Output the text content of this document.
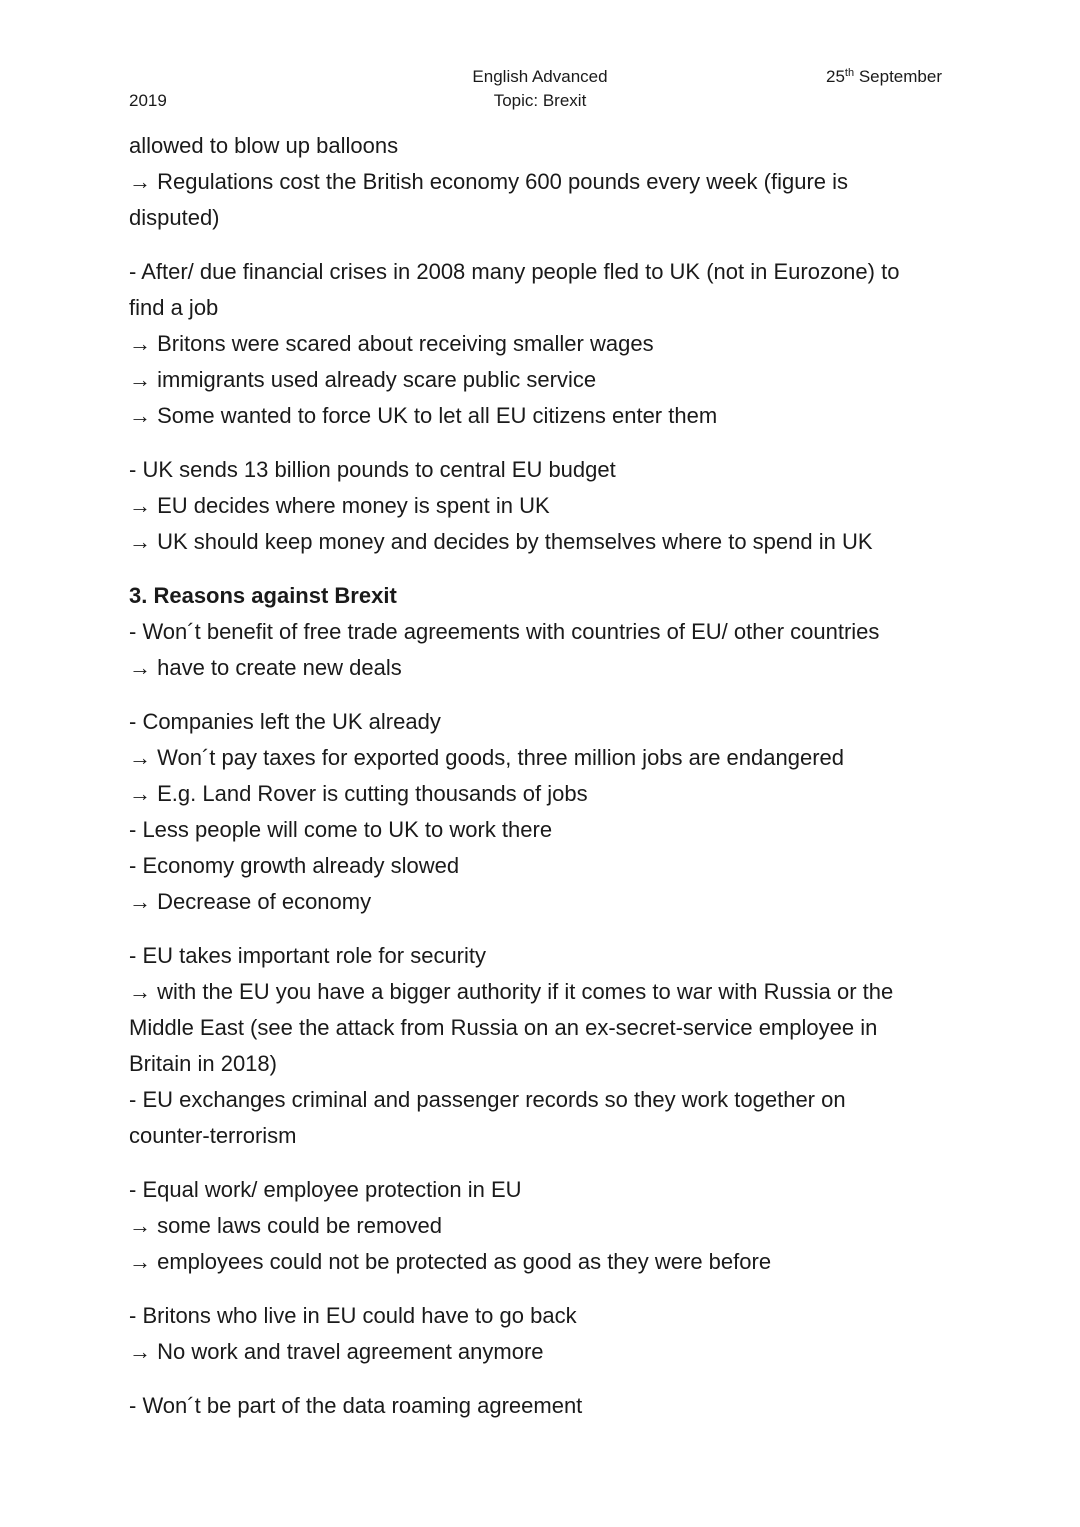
2019
English Advanced
Topic: Brexit
25th September
allowed to blow up balloons
→ Regulations cost the British economy 600 pounds every week (figure is
disputed)
- After/ due financial crises in 2008 many people fled to UK (not in Eurozone) to
find a job
→ Britons were scared about receiving smaller wages
→ immigrants used already scare public service
→ Some wanted to force UK to let all EU citizens enter them
- UK sends 13 billion pounds to central EU budget
→ EU decides where money is spent in UK
→ UK should keep money and decides by themselves where to spend in UK
3. Reasons against Brexit
- Won´t benefit of free trade agreements with countries of EU/ other countries
→ have to create new deals
- Companies left the UK already
→ Won´t pay taxes for exported goods, three million jobs are endangered
→ E.g. Land Rover is cutting thousands of jobs
- Less people will come to UK to work there
- Economy growth already slowed
→ Decrease of economy
- EU takes important role for security
→ with the EU you have a bigger authority if it comes to war with Russia or the
Middle East (see the attack from Russia on an ex-secret-service employee in
Britain in 2018)
- EU exchanges criminal and passenger records so they work together on
counter-terrorism
- Equal work/ employee protection in EU
→ some laws could be removed
→ employees could not be protected as good as they were before
- Britons who live in EU could have to go back
→ No work and travel agreement anymore
- Won´t be part of the data roaming agreement
